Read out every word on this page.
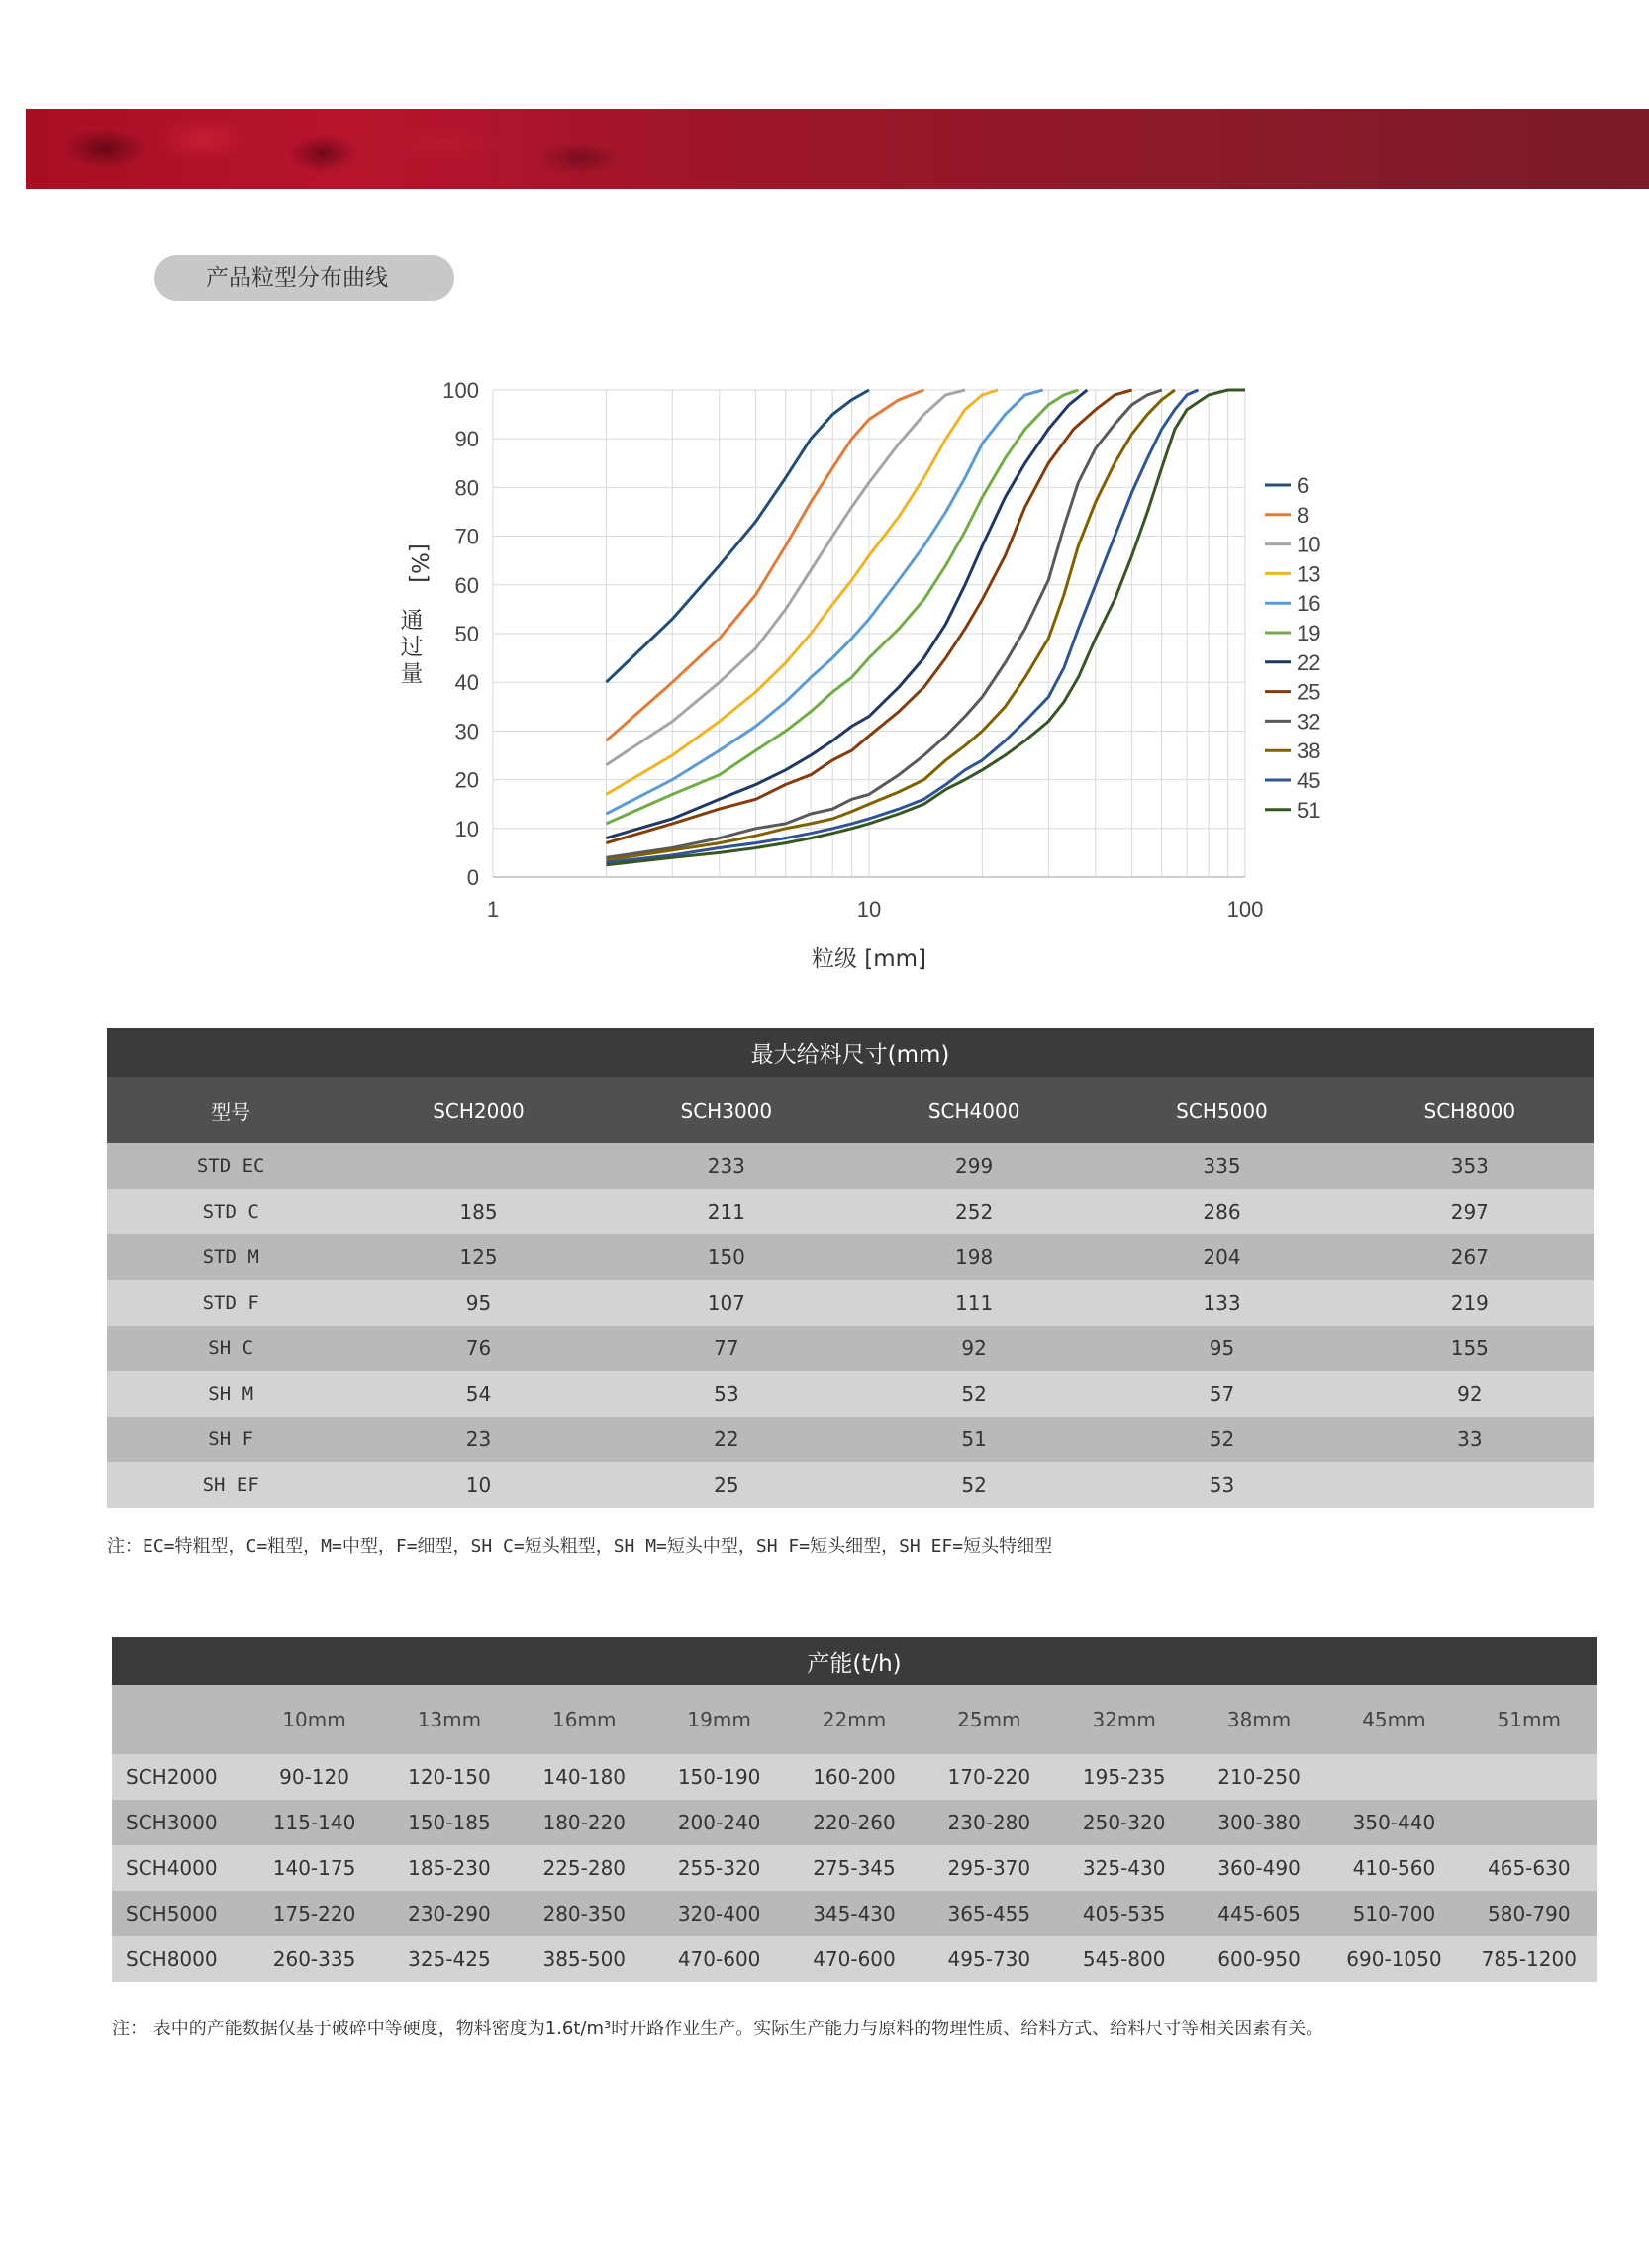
产品粒型分布曲线
0
10
20
30
40
50
60
70
80
90
100
1	10	100
粒级 [mm]
[%]
通
过
量
6
8
10
13
16
19
22
25
32
38
45
51
最大给料尺寸(mm)					
型号	SCH2000	SCH3000	SCH4000	SCH5000	SCH8000
STD EC		233	299	335	353
STD C	185	211	252	286	297
STD M	125	150	198	204	267
STD F	95	107	111	133	219
SH C	76	77	92	95	155
SH M	54	53	52	57	92
SH F	23	22	51	52	33
SH EF	10	25	52	53	
注：EC=特粗型，C=粗型，M=中型，F=细型，SH C=短头粗型，SH M=短头中型，SH F=短头细型，SH EF=短头特细型
产能(t/h)										
	10mm	13mm	16mm	19mm	22mm	25mm	32mm	38mm	45mm	51mm
SCH2000	90-120	120-150	140-180	150-190	160-200	170-220	195-235	210-250		
SCH3000	115-140	150-185	180-220	200-240	220-260	230-280	250-320	300-380	350-440	
SCH4000	140-175	185-230	225-280	255-320	275-345	295-370	325-430	360-490	410-560	465-630
SCH5000	175-220	230-290	280-350	320-400	345-430	365-455	405-535	445-605	510-700	580-790
SCH8000	260-335	325-425	385-500	470-600	470-600	495-730	545-800	600-950	690-1050	785-1200
注： 表中的产能数据仅基于破碎中等硬度，物料密度为1.6t/m³时开路作业生产。实际生产能力与原料的物理性质、给料方式、给料尺寸等相关因素有关。
